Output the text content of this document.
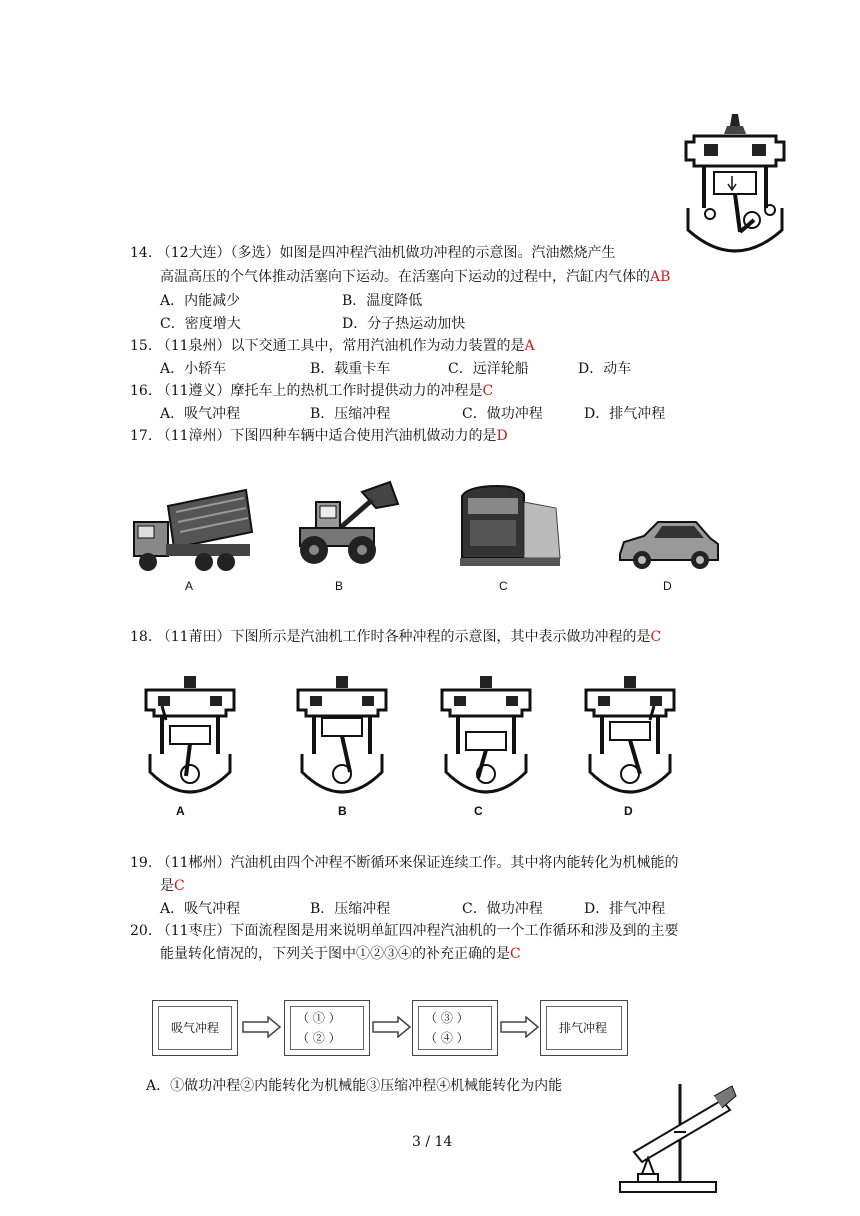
14. （12大连）（多选）如图是四冲程汽油机做功冲程的示意图。汽油燃烧产生
高温高压的个气体推动活塞向下运动。在活塞向下运动的过程中，汽缸内气体的AB
A．内能减少	B．温度降低
C．密度增大	D．分子热运动加快
15. （11泉州）以下交通工具中，常用汽油机作为动力装置的是A
A．小轿车	B．载重卡车	C．远洋轮船	D．动车
16. （11遵义）摩托车上的热机工作时提供动力的冲程是C
A．吸气冲程	B．压缩冲程	C．做功冲程	D．排气冲程
17. （11漳州）下图四种车辆中适合使用汽油机做动力的是D
A	B	C	D
18. （11莆田）下图所示是汽油机工作时各种冲程的示意图，其中表示做功冲程的是C
A	B	C	D
19. （11郴州）汽油机由四个冲程不断循环来保证连续工作。其中将内能转化为机械能的
是C
A．吸气冲程	B．压缩冲程	C．做功冲程	D．排气冲程
20. （11枣庄）下面流程图是用来说明单缸四冲程汽油机的一个工作循环和涉及到的主要
能量转化情况的，下列关于图中①②③④的补充正确的是C
吸气冲程
（ ① ）
（ ② ）
（ ③ ）
（ ④ ）
排气冲程
A．①做功冲程②内能转化为机械能③压缩冲程④机械能转化为内能
3 / 14
